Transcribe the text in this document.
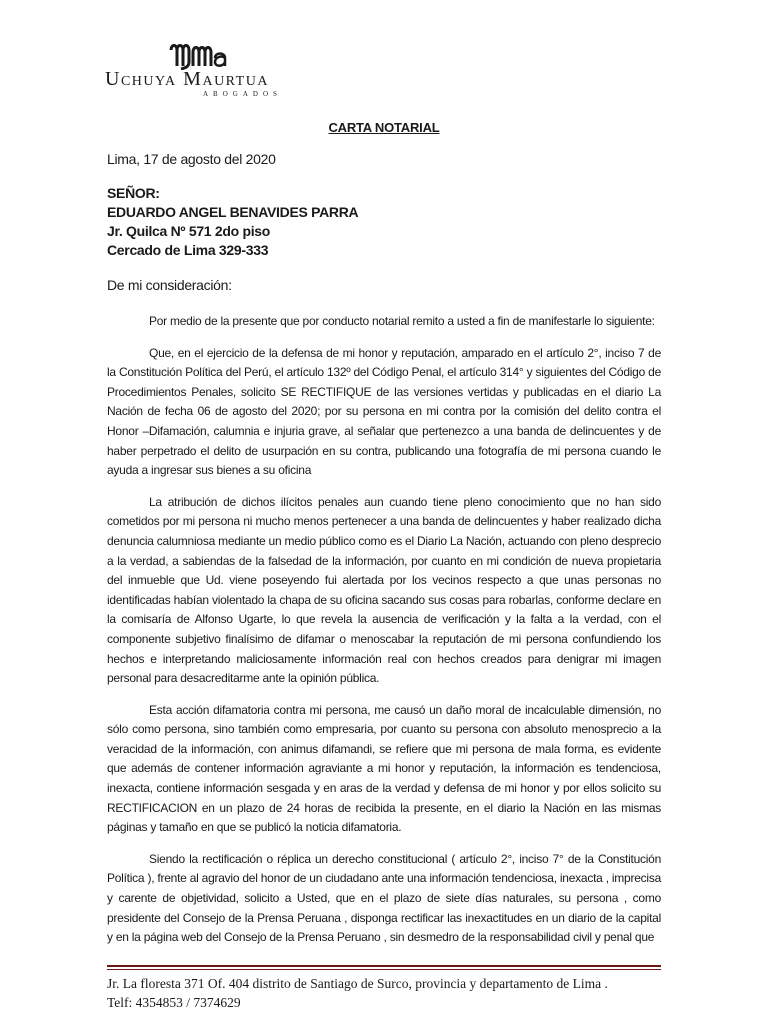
Uchuya Maurtua
ABOGADOS
CARTA NOTARIAL
Lima, 17 de agosto del 2020
SEÑOR:
EDUARDO ANGEL BENAVIDES PARRA
Jr. Quilca Nº 571 2do piso
Cercado de Lima 329-333
De mi consideración:

Por medio de la presente que por conducto notarial remito a usted a fin de manifestarle lo siguiente:

Que, en el ejercicio de la defensa de mi honor y reputación, amparado en el artículo 2°, inciso 7 de la Constitución Política del Perú, el artículo 132º del Código Penal, el artículo 314° y siguientes del Código de Procedimientos Penales, solicito SE RECTIFIQUE de las versiones vertidas y publicadas en el diario La Nación de fecha 06 de agosto del 2020; por su persona en mi contra por la comisión del delito contra el Honor –Difamación, calumnia e injuria grave, al señalar que pertenezco a una banda de delincuentes y de haber perpetrado el delito de usurpación en su contra, publicando una fotografía de mi persona cuando le ayuda a ingresar sus bienes a su oficina

La atribución de dichos ilícitos penales aun cuando tiene pleno conocimiento que no han sido cometidos por mi persona ni mucho menos pertenecer a una banda de delincuentes y haber realizado dicha denuncia calumniosa mediante un medio público como es el Diario La Nación, actuando con pleno desprecio a la verdad, a sabiendas de la falsedad de la información, por cuanto en mi condición de nueva propietaria del inmueble que Ud. viene poseyendo fui alertada por los vecinos respecto a que unas personas no identificadas habían violentado la chapa de su oficina sacando sus cosas para robarlas, conforme declare en la comisaría de Alfonso Ugarte, lo que revela la ausencia de verificación y la falta a la verdad, con el componente subjetivo finalísimo de difamar o menoscabar la reputación de mi persona confundiendo los hechos e interpretando maliciosamente información real con hechos creados para denigrar mi imagen personal para desacreditarme ante la opinión pública.

Esta acción difamatoria contra mi persona, me causó un daño moral de incalculable dimensión, no sólo como persona, sino también como empresaria, por cuanto su persona con absoluto menosprecio a la veracidad de la información, con animus difamandi, se refiere que mi persona de mala forma, es evidente que además de contener información agraviante a mi honor y reputación, la información es tendenciosa, inexacta, contiene información sesgada y en aras de la verdad y defensa de mi honor y por ellos solicito su RECTIFICACION en un plazo de 24 horas de recibida la presente, en el diario la Nación en las mismas páginas y tamaño en que se publicó la noticia difamatoria.

Siendo la rectificación o réplica un derecho constitucional ( artículo 2°, inciso 7° de la Constitución Política ), frente al agravio del honor de un ciudadano ante una información tendenciosa, inexacta , imprecisa y carente de objetividad, solicito a Usted, que en el plazo de siete días naturales, su persona , como presidente del Consejo de la Prensa Peruana , disponga rectificar las inexactitudes en un diario de la capital y en la página web del Consejo de la Prensa Peruano , sin desmedro de la responsabilidad civil y penal que

Jr. La floresta 371 Of. 404 distrito de Santiago de Surco, provincia y departamento de Lima .
Telf: 4354853 / 7374629
